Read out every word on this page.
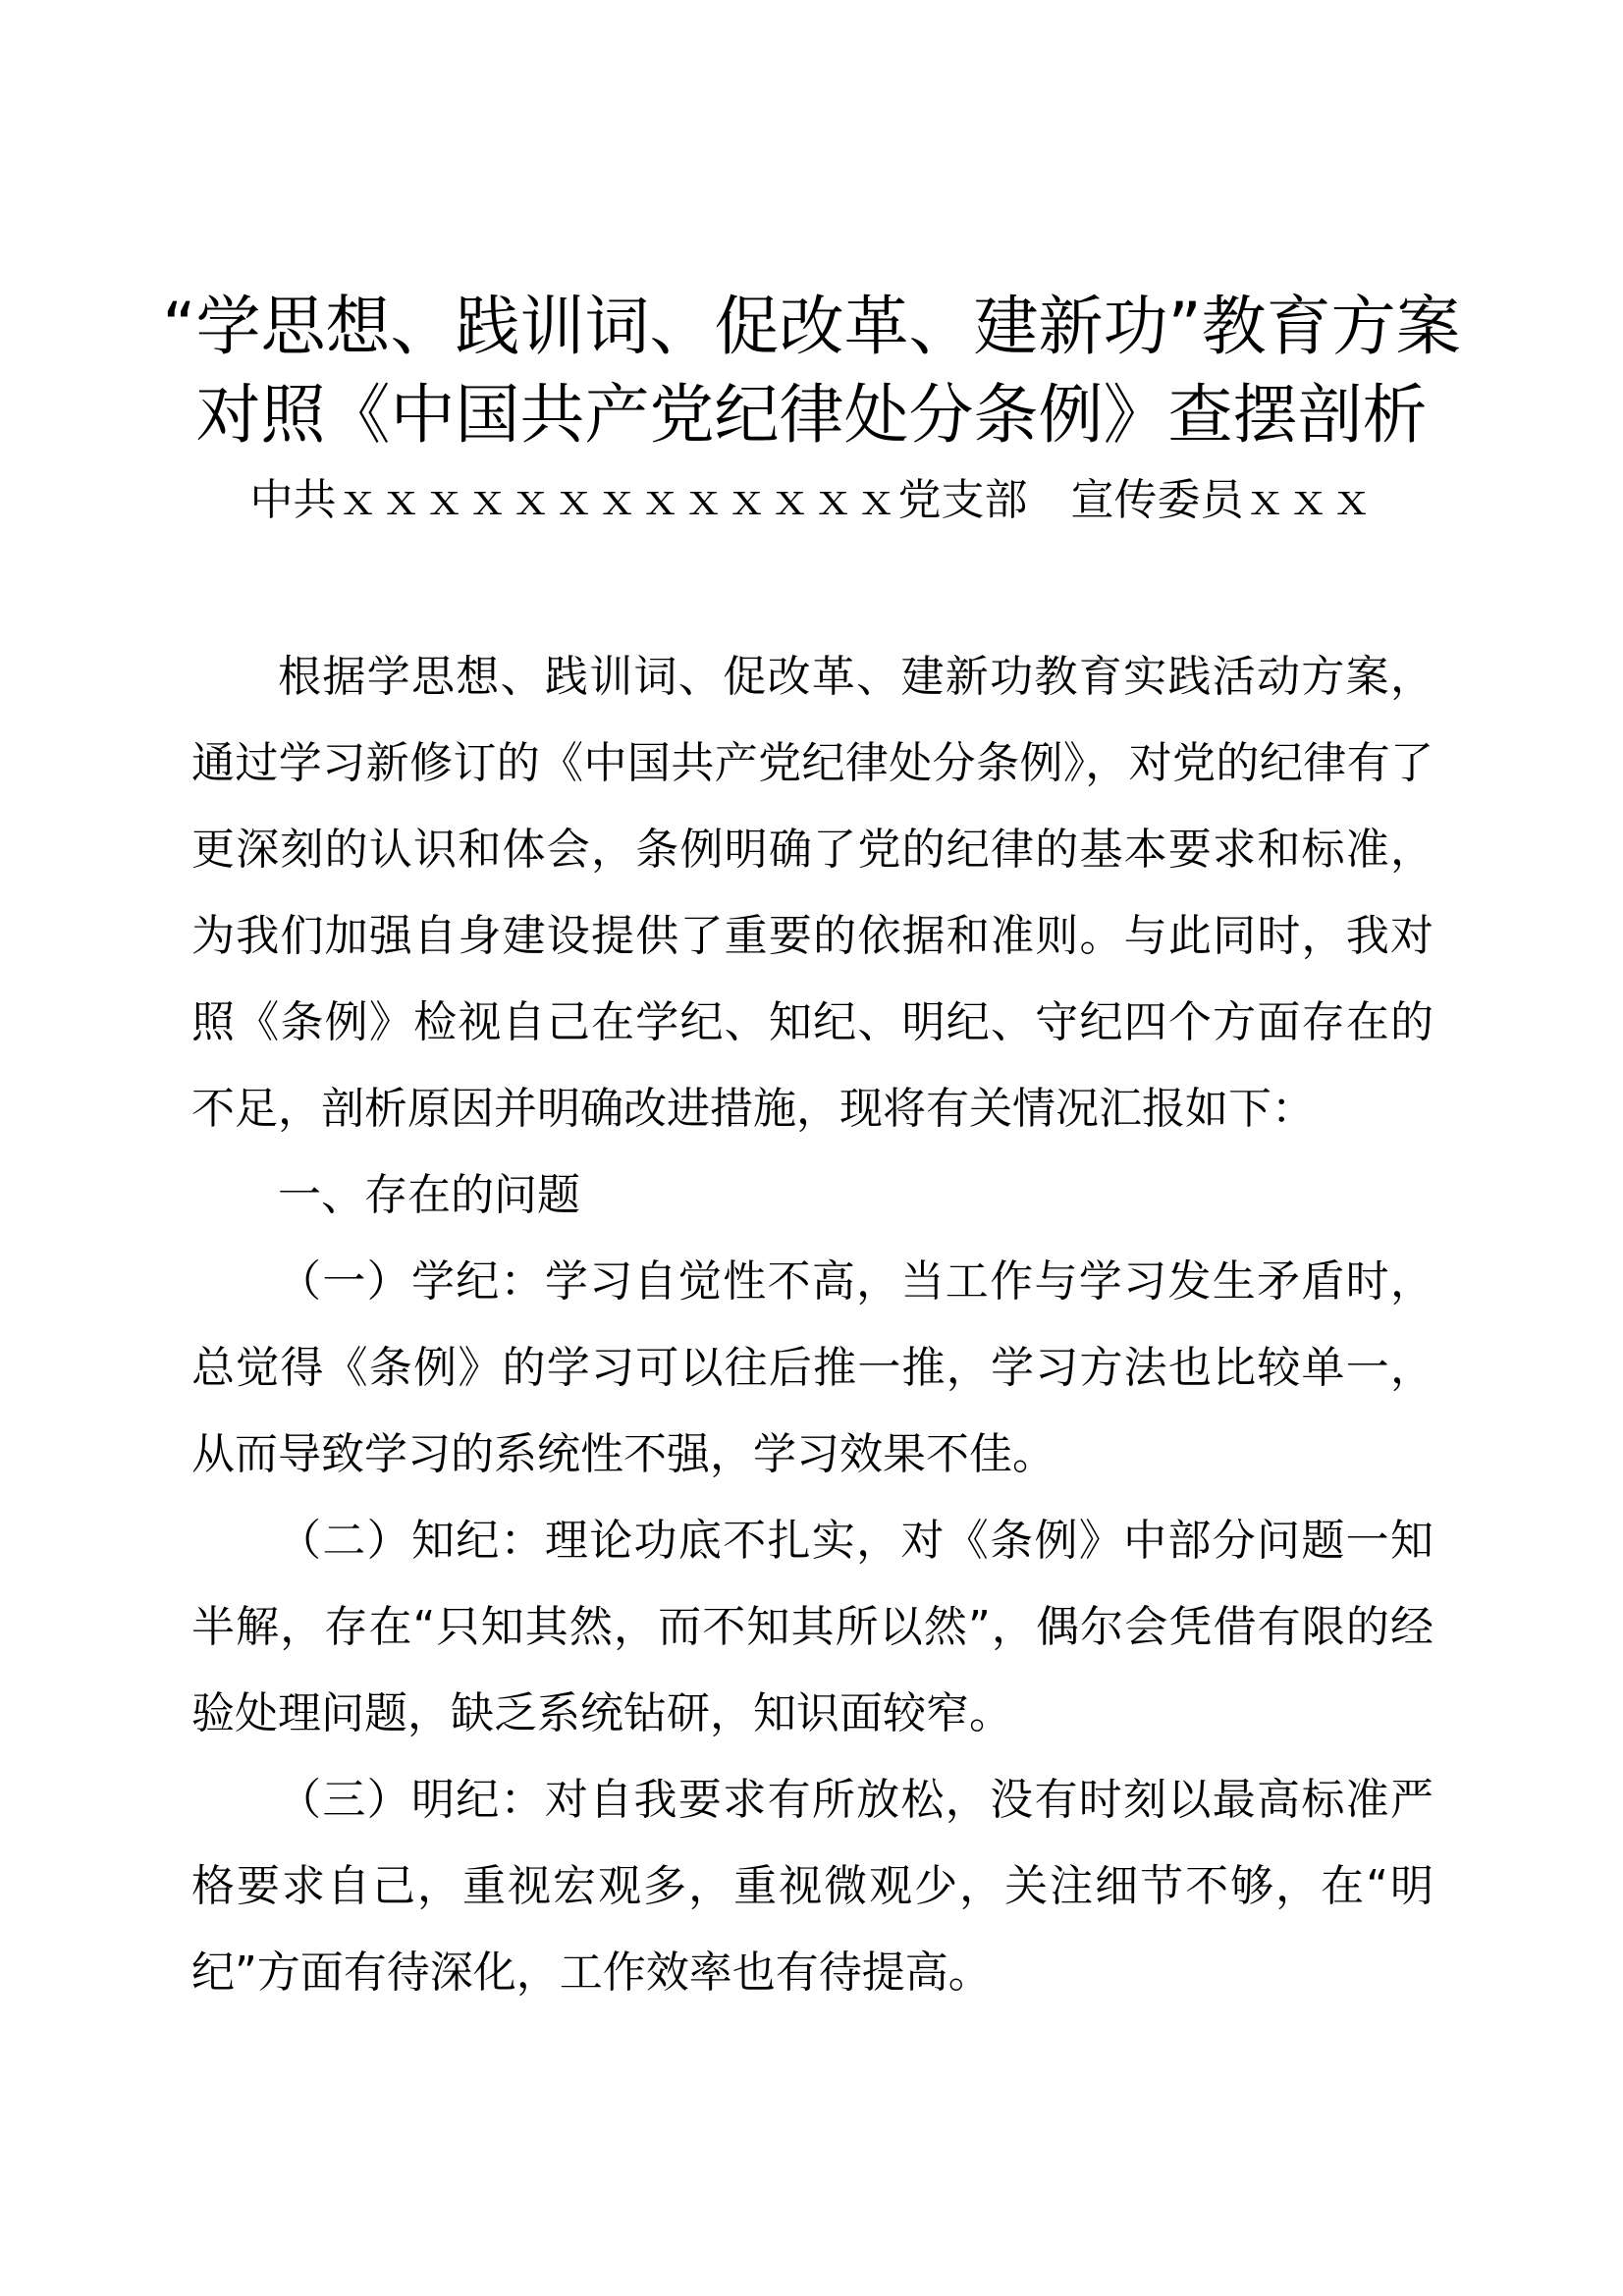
“学思想、践训词、促改革、建新功”教育方案
对照《中国共产党纪律处分条例》查摆剖析
中共ｘｘｘｘｘｘｘｘｘｘｘｘｘ党支部 宣传委员ｘｘｘ

根据学思想、践训词、促改革、建新功教育实践活动方案，通过学习新修订的《中国共产党纪律处分条例》，对党的纪律有了更深刻的认识和体会，条例明确了党的纪律的基本要求和标准，为我们加强自身建设提供了重要的依据和准则。与此同时，我对照《条例》检视自己在学纪、知纪、明纪、守纪四个方面存在的不足，剖析原因并明确改进措施，现将有关情况汇报如下：

一、存在的问题

（一）学纪：学习自觉性不高，当工作与学习发生矛盾时，总觉得《条例》的学习可以往后推一推，学习方法也比较单一，从而导致学习的系统性不强，学习效果不佳。

（二）知纪：理论功底不扎实，对《条例》中部分问题一知半解，存在“只知其然，而不知其所以然”，偶尔会凭借有限的经验处理问题，缺乏系统钻研，知识面较窄。

（三）明纪：对自我要求有所放松，没有时刻以最高标准严格要求自己，重视宏观多，重视微观少，关注细节不够，在“明纪”方面有待深化，工作效率也有待提高。
